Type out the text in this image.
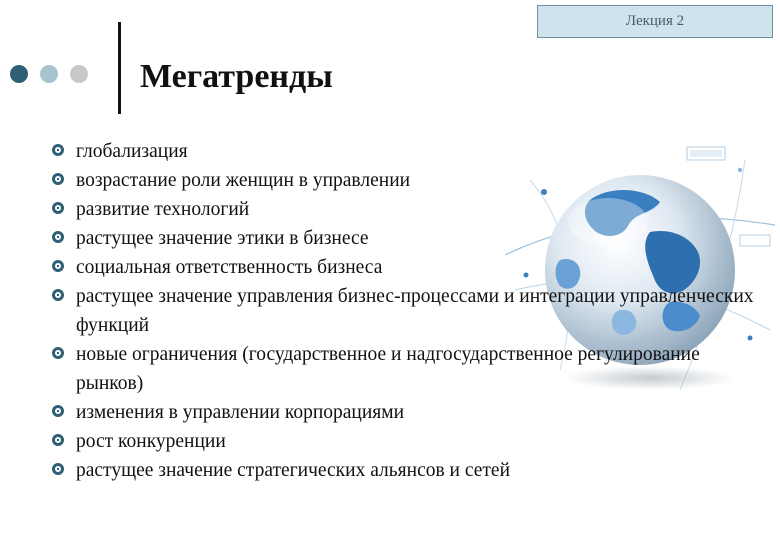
Лекция 2
Мегатренды
глобализация
возрастание роли женщин в управлении
развитие технологий
растущее значение этики в бизнесе
социальная ответственность бизнеса
растущее значение управления бизнес-процессами и интеграции управленческих функций
новые ограничения (государственное и надгосударственное регулирование рынков)
изменения в управлении корпорациями
рост конкуренции
растущее значение стратегических альянсов и сетей
